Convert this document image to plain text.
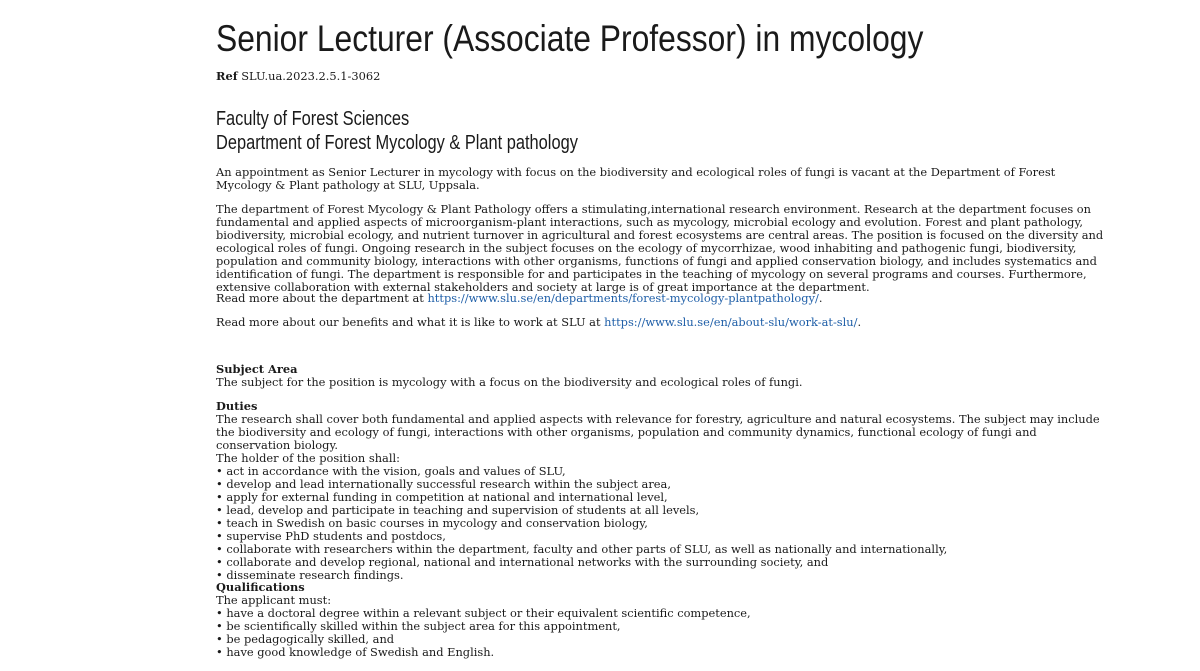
Senior Lecturer (Associate Professor) in mycology
Ref SLU.ua.2023.2.5.1-3062
Faculty of Forest Sciences
Department of Forest Mycology & Plant pathology

An appointment as Senior Lecturer in mycology with focus on the biodiversity and ecological roles of fungi is vacant at the Department of Forest Mycology & Plant pathology at SLU, Uppsala.

The department of Forest Mycology & Plant Pathology offers a stimulating,international research environment. Research at the department focuses on fundamental and applied aspects of microorganism-plant interactions, such as mycology, microbial ecology and evolution. Forest and plant pathology, biodiversity, microbial ecology, and nutrient turnover in agricultural and forest ecosystems are central areas. The position is focused on the diversity and ecological roles of fungi. Ongoing research in the subject focuses on the ecology of mycorrhizae, wood inhabiting and pathogenic fungi, biodiversity, population and community biology, interactions with other organisms, functions of fungi and applied conservation biology, and includes systematics and identification of fungi. The department is responsible for and participates in the teaching of mycology on several programs and courses. Furthermore, extensive collaboration with external stakeholders and society at large is of great importance at the department.

Read more about the department at https://www.slu.se/en/departments/forest-mycology-plantpathology/.

Read more about our benefits and what it is like to work at SLU at https://www.slu.se/en/about-slu/work-at-slu/.

Subject Area
The subject for the position is mycology with a focus on the biodiversity and ecological roles of fungi.
Duties
The research shall cover both fundamental and applied aspects with relevance for forestry, agriculture and natural ecosystems. The subject may include the biodiversity and ecology of fungi, interactions with other organisms, population and community dynamics, functional ecology of fungi and conservation biology.
The holder of the position shall:
• act in accordance with the vision, goals and values of SLU,
• develop and lead internationally successful research within the subject area,
• apply for external funding in competition at national and international level,
• lead, develop and participate in teaching and supervision of students at all levels,
• teach in Swedish on basic courses in mycology and conservation biology,
• supervise PhD students and postdocs,
• collaborate with researchers within the department, faculty and other parts of SLU, as well as nationally and internationally,
• collaborate and develop regional, national and international networks with the surrounding society, and
• disseminate research findings.
Qualifications
The applicant must:
• have a doctoral degree within a relevant subject or their equivalent scientific competence,
• be scientifically skilled within the subject area for this appointment,
• be pedagogically skilled, and
• have good knowledge of Swedish and English.
